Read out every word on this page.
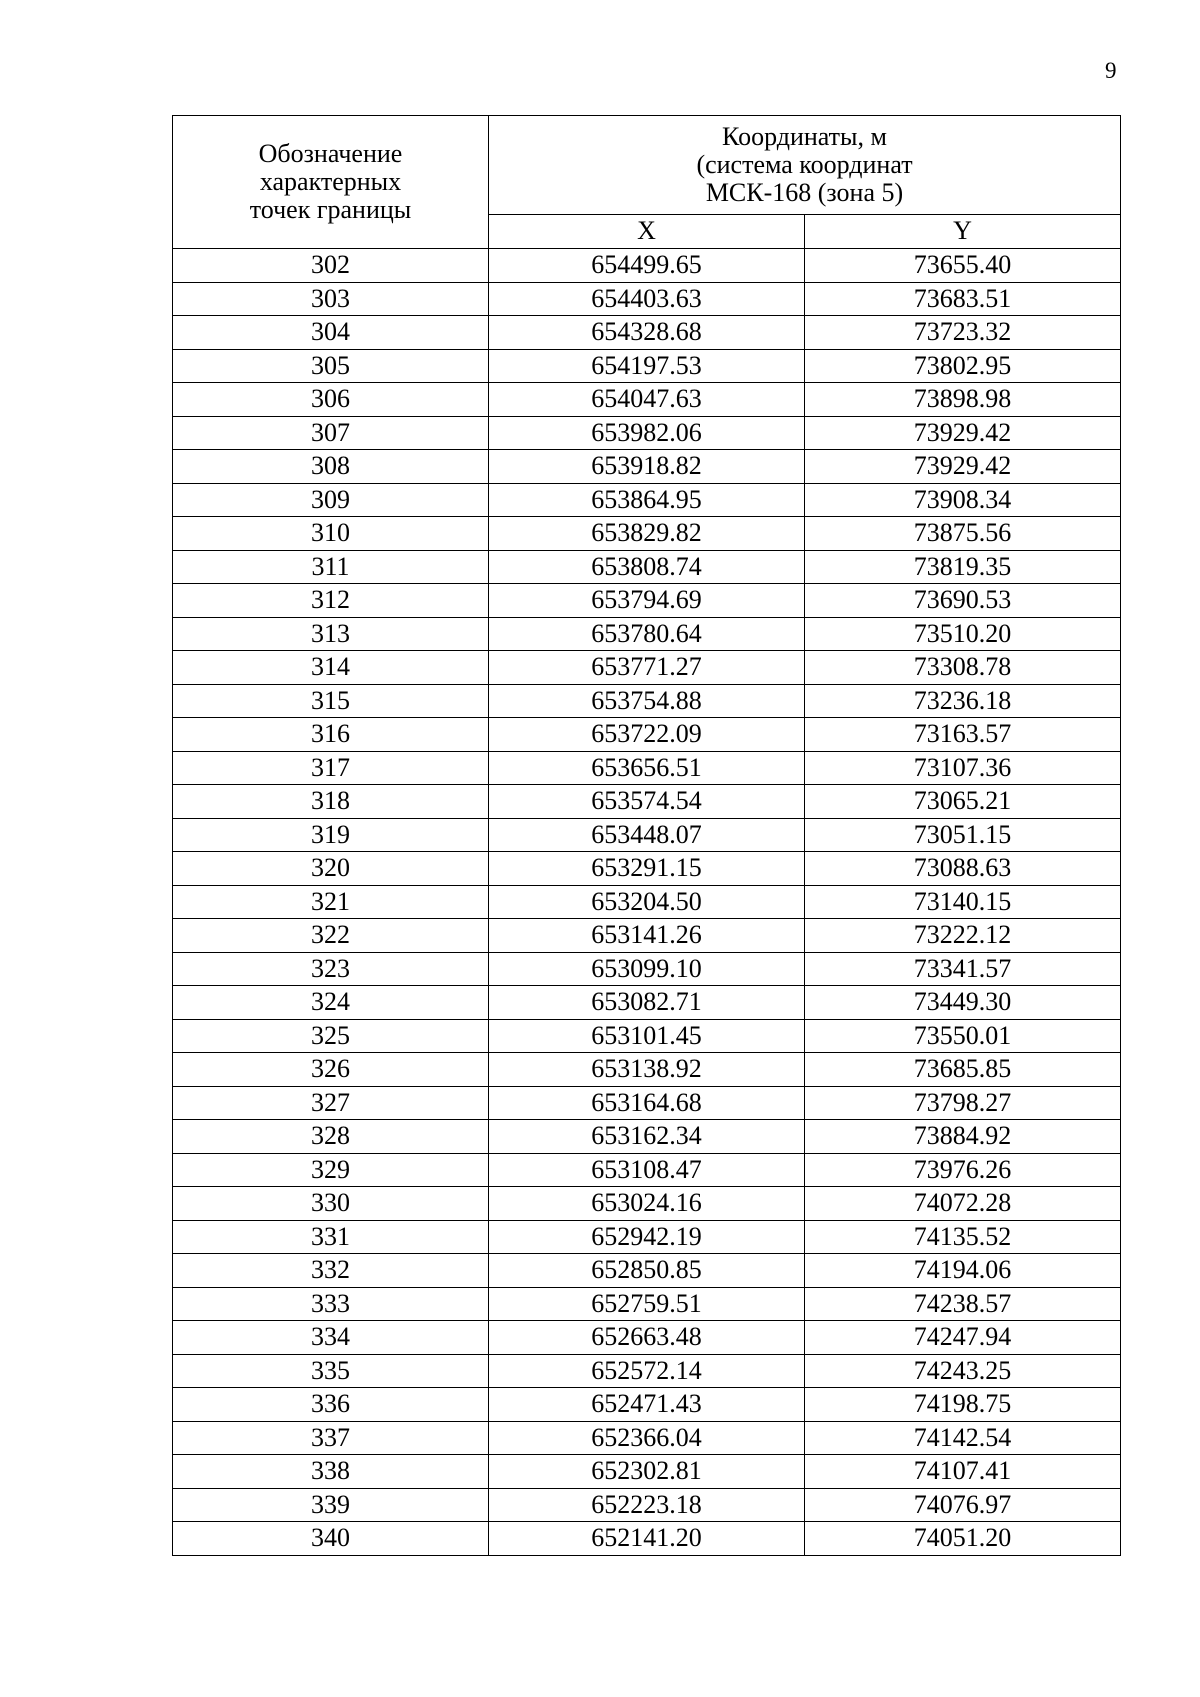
9
Обозначение
характерных
точек границы	Координаты, м
(система координат
МСК-168 (зона 5)	

	X	Y
302	654499.65	73655.40
303	654403.63	73683.51
304	654328.68	73723.32
305	654197.53	73802.95
306	654047.63	73898.98
307	653982.06	73929.42
308	653918.82	73929.42
309	653864.95	73908.34
310	653829.82	73875.56
311	653808.74	73819.35
312	653794.69	73690.53
313	653780.64	73510.20
314	653771.27	73308.78
315	653754.88	73236.18
316	653722.09	73163.57
317	653656.51	73107.36
318	653574.54	73065.21
319	653448.07	73051.15
320	653291.15	73088.63
321	653204.50	73140.15
322	653141.26	73222.12
323	653099.10	73341.57
324	653082.71	73449.30
325	653101.45	73550.01
326	653138.92	73685.85
327	653164.68	73798.27
328	653162.34	73884.92
329	653108.47	73976.26
330	653024.16	74072.28
331	652942.19	74135.52
332	652850.85	74194.06
333	652759.51	74238.57
334	652663.48	74247.94
335	652572.14	74243.25
336	652471.43	74198.75
337	652366.04	74142.54
338	652302.81	74107.41
339	652223.18	74076.97
340	652141.20	74051.20
